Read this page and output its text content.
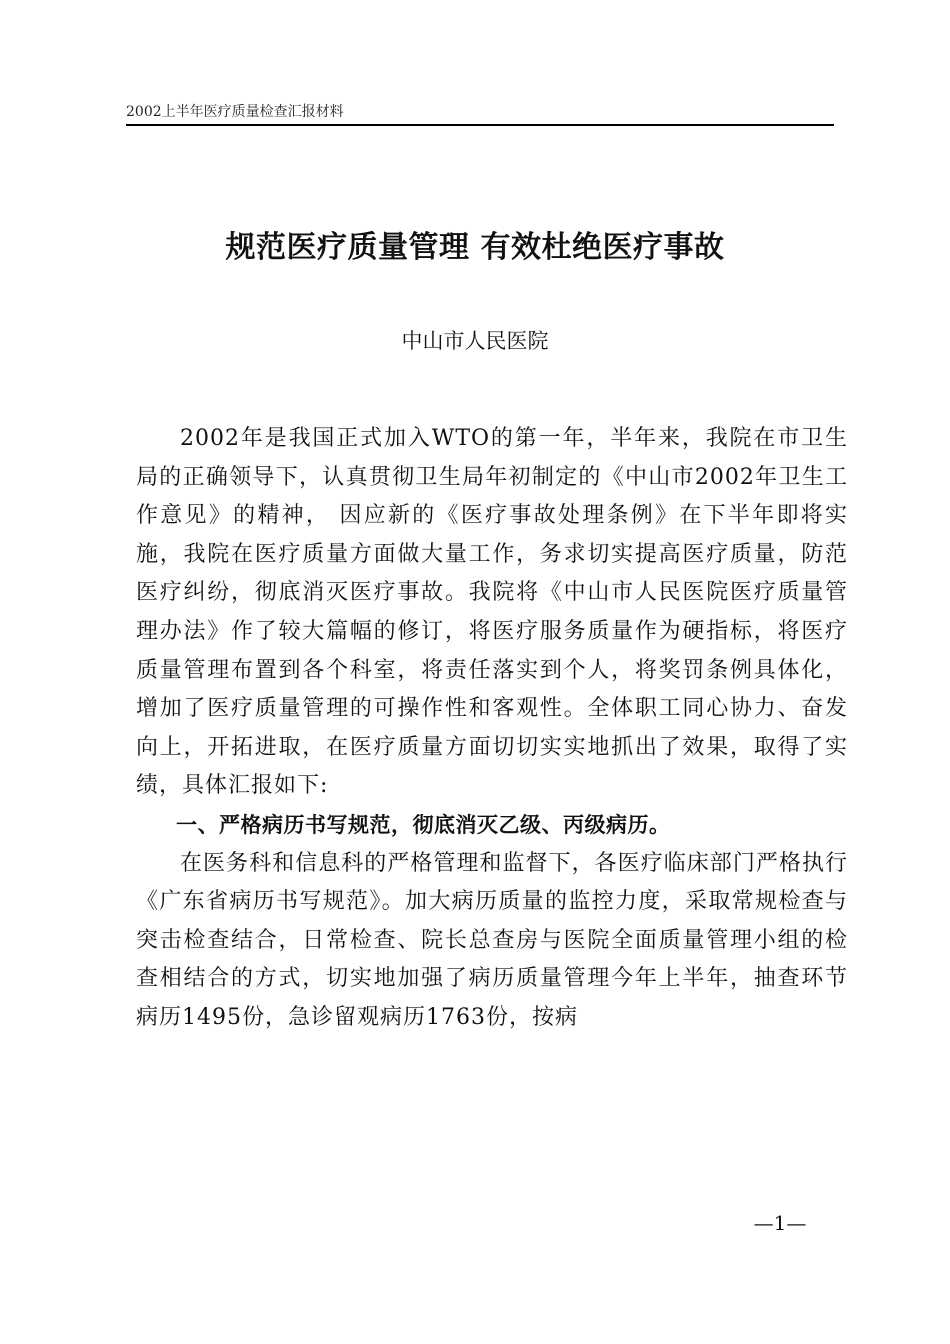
2002上半年医疗质量检查汇报材料
规范医疗质量管理 有效杜绝医疗事故
中山市人民医院

2002年是我国正式加入WTO的第一年，半年来，我院在市卫生局的正确领导下，认真贯彻卫生局年初制定的《中山市2002年卫生工作意见》的精神， 因应新的《医疗事故处理条例》在下半年即将实施，我院在医疗质量方面做大量工作，务求切实提高医疗质量，防范医疗纠纷，彻底消灭医疗事故。我院将《中山市人民医院医疗质量管理办法》作了较大篇幅的修订，将医疗服务质量作为硬指标，将医疗质量管理布置到各个科室，将责任落实到个人，将奖罚条例具体化，增加了医疗质量管理的可操作性和客观性。全体职工同心协力、奋发向上，开拓进取，在医疗质量方面切切实实地抓出了效果，取得了实绩，具体汇报如下:

一、严格病历书写规范，彻底消灭乙级、丙级病历。

在医务科和信息科的严格管理和监督下，各医疗临床部门严格执行《广东省病历书写规范》。加大病历质量的监控力度，采取常规检查与突击检查结合，日常检查、院长总查房与医院全面质量管理小组的检查相结合的方式，切实地加强了病历质量管理今年上半年，抽查环节病历1495份，急诊留观病历1763份，按病

—1—
